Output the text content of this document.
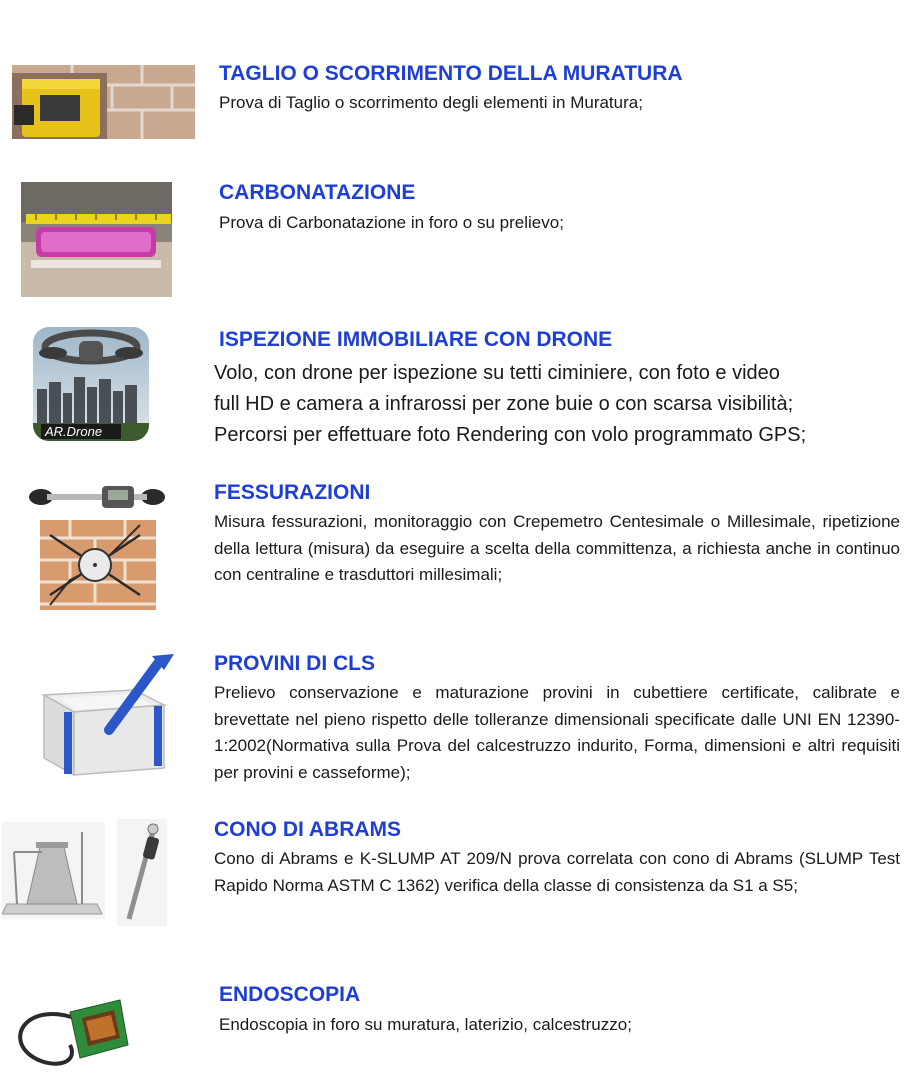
TAGLIO O SCORRIMENTO DELLA MURATURA
Prova di Taglio o scorrimento degli elementi in Muratura;
CARBONATAZIONE
Prova di Carbonatazione in foro o su prelievo;
AR.Drone
ISPEZIONE IMMOBILIARE CON DRONE
Volo, con drone per ispezione su tetti ciminiere, con foto e video
full HD e camera a infrarossi per zone buie o con scarsa visibilità;
Percorsi per effettuare foto Rendering con volo programmato GPS;
FESSURAZIONI
Misura fessurazioni, monitoraggio con Crepemetro Centesimale o Millesimale, ripetizione della lettura (misura) da eseguire a scelta della committenza, a richiesta anche in continuo con centraline e trasduttori millesimali;
PROVINI DI CLS
Prelievo conservazione e maturazione provini in cubettiere certificate, calibrate e brevettate nel pieno rispetto delle tolleranze dimensionali specificate dalle UNI EN 12390-1:2002(Normativa sulla Prova del calcestruzzo indurito, Forma, dimensioni e altri requisiti per provini e casseforme);
CONO DI ABRAMS
Cono di Abrams e K-SLUMP AT 209/N prova correlata con cono di Abrams (SLUMP Test Rapido Norma ASTM C 1362) verifica della classe di consistenza da S1 a S5;
ENDOSCOPIA
Endoscopia in foro su muratura, laterizio, calcestruzzo;
